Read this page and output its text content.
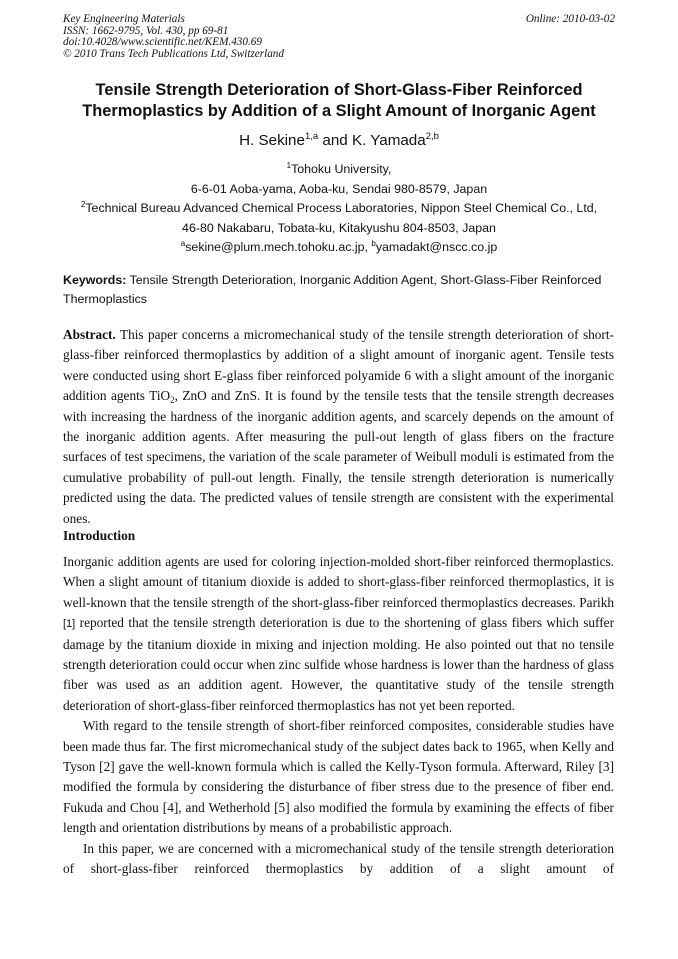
Key Engineering Materials
ISSN: 1662-9795, Vol. 430, pp 69-81
doi:10.4028/www.scientific.net/KEM.430.69
© 2010 Trans Tech Publications Ltd, Switzerland
Online: 2010-03-02
Tensile Strength Deterioration of Short-Glass-Fiber Reinforced
Thermoplastics by Addition of a Slight Amount of Inorganic Agent
H. Sekine$^{1,a}$ and K. Yamada$^{2,b}$
$^1$Tohoku University,
6-6-01 Aoba-yama, Aoba-ku, Sendai 980-8579, Japan
$^2$Technical Bureau Advanced Chemical Process Laboratories, Nippon Steel Chemical Co., Ltd,
46-80 Nakabaru, Tobata-ku, Kitakyushu 804-8503, Japan
$^a$sekine@plum.mech.tohoku.ac.jp, $^b$yamadakt@nscc.co.jp
Keywords: Tensile Strength Deterioration, Inorganic Addition Agent, Short-Glass-Fiber Reinforced Thermoplastics
Abstract. This paper concerns a micromechanical study of the tensile strength deterioration of short-glass-fiber reinforced thermoplastics by addition of a slight amount of inorganic agent. Tensile tests were conducted using short E-glass fiber reinforced polyamide 6 with a slight amount of the inorganic addition agents TiO$_2$, ZnO and ZnS. It is found by the tensile tests that the tensile strength decreases with increasing the hardness of the inorganic addition agents, and scarcely depends on the amount of the inorganic addition agents. After measuring the pull-out length of glass fibers on the fracture surfaces of test specimens, the variation of the scale parameter of Weibull moduli is estimated from the cumulative probability of pull-out length. Finally, the tensile strength deterioration is numerically predicted using the data. The predicted values of tensile strength are consistent with the experimental ones.
Introduction

Inorganic addition agents are used for coloring injection-molded short-fiber reinforced thermoplastics. When a slight amount of titanium dioxide is added to short-glass-fiber reinforced thermoplastics, it is well-known that the tensile strength of the short-glass-fiber reinforced thermoplastics decreases. Parikh [1] reported that the tensile strength deterioration is due to the shortening of glass fibers which suffer damage by the titanium dioxide in mixing and injection molding. He also pointed out that no tensile strength deterioration could occur when zinc sulfide whose hardness is lower than the hardness of glass fiber was used as an addition agent. However, the quantitative study of the tensile strength deterioration of short-glass-fiber reinforced thermoplastics has not yet been reported.

With regard to the tensile strength of short-fiber reinforced composites, considerable studies have been made thus far. The first micromechanical study of the subject dates back to 1965, when Kelly and Tyson [2] gave the well-known formula which is called the Kelly-Tyson formula. Afterward, Riley [3] modified the formula by considering the disturbance of fiber stress due to the presence of fiber end. Fukuda and Chou [4], and Wetherhold [5] also modified the formula by examining the effects of fiber length and orientation distributions by means of a probabilistic approach.

In this paper, we are concerned with a micromechanical study of the tensile strength deterioration of short-glass-fiber reinforced thermoplastics by addition of a slight amount of
